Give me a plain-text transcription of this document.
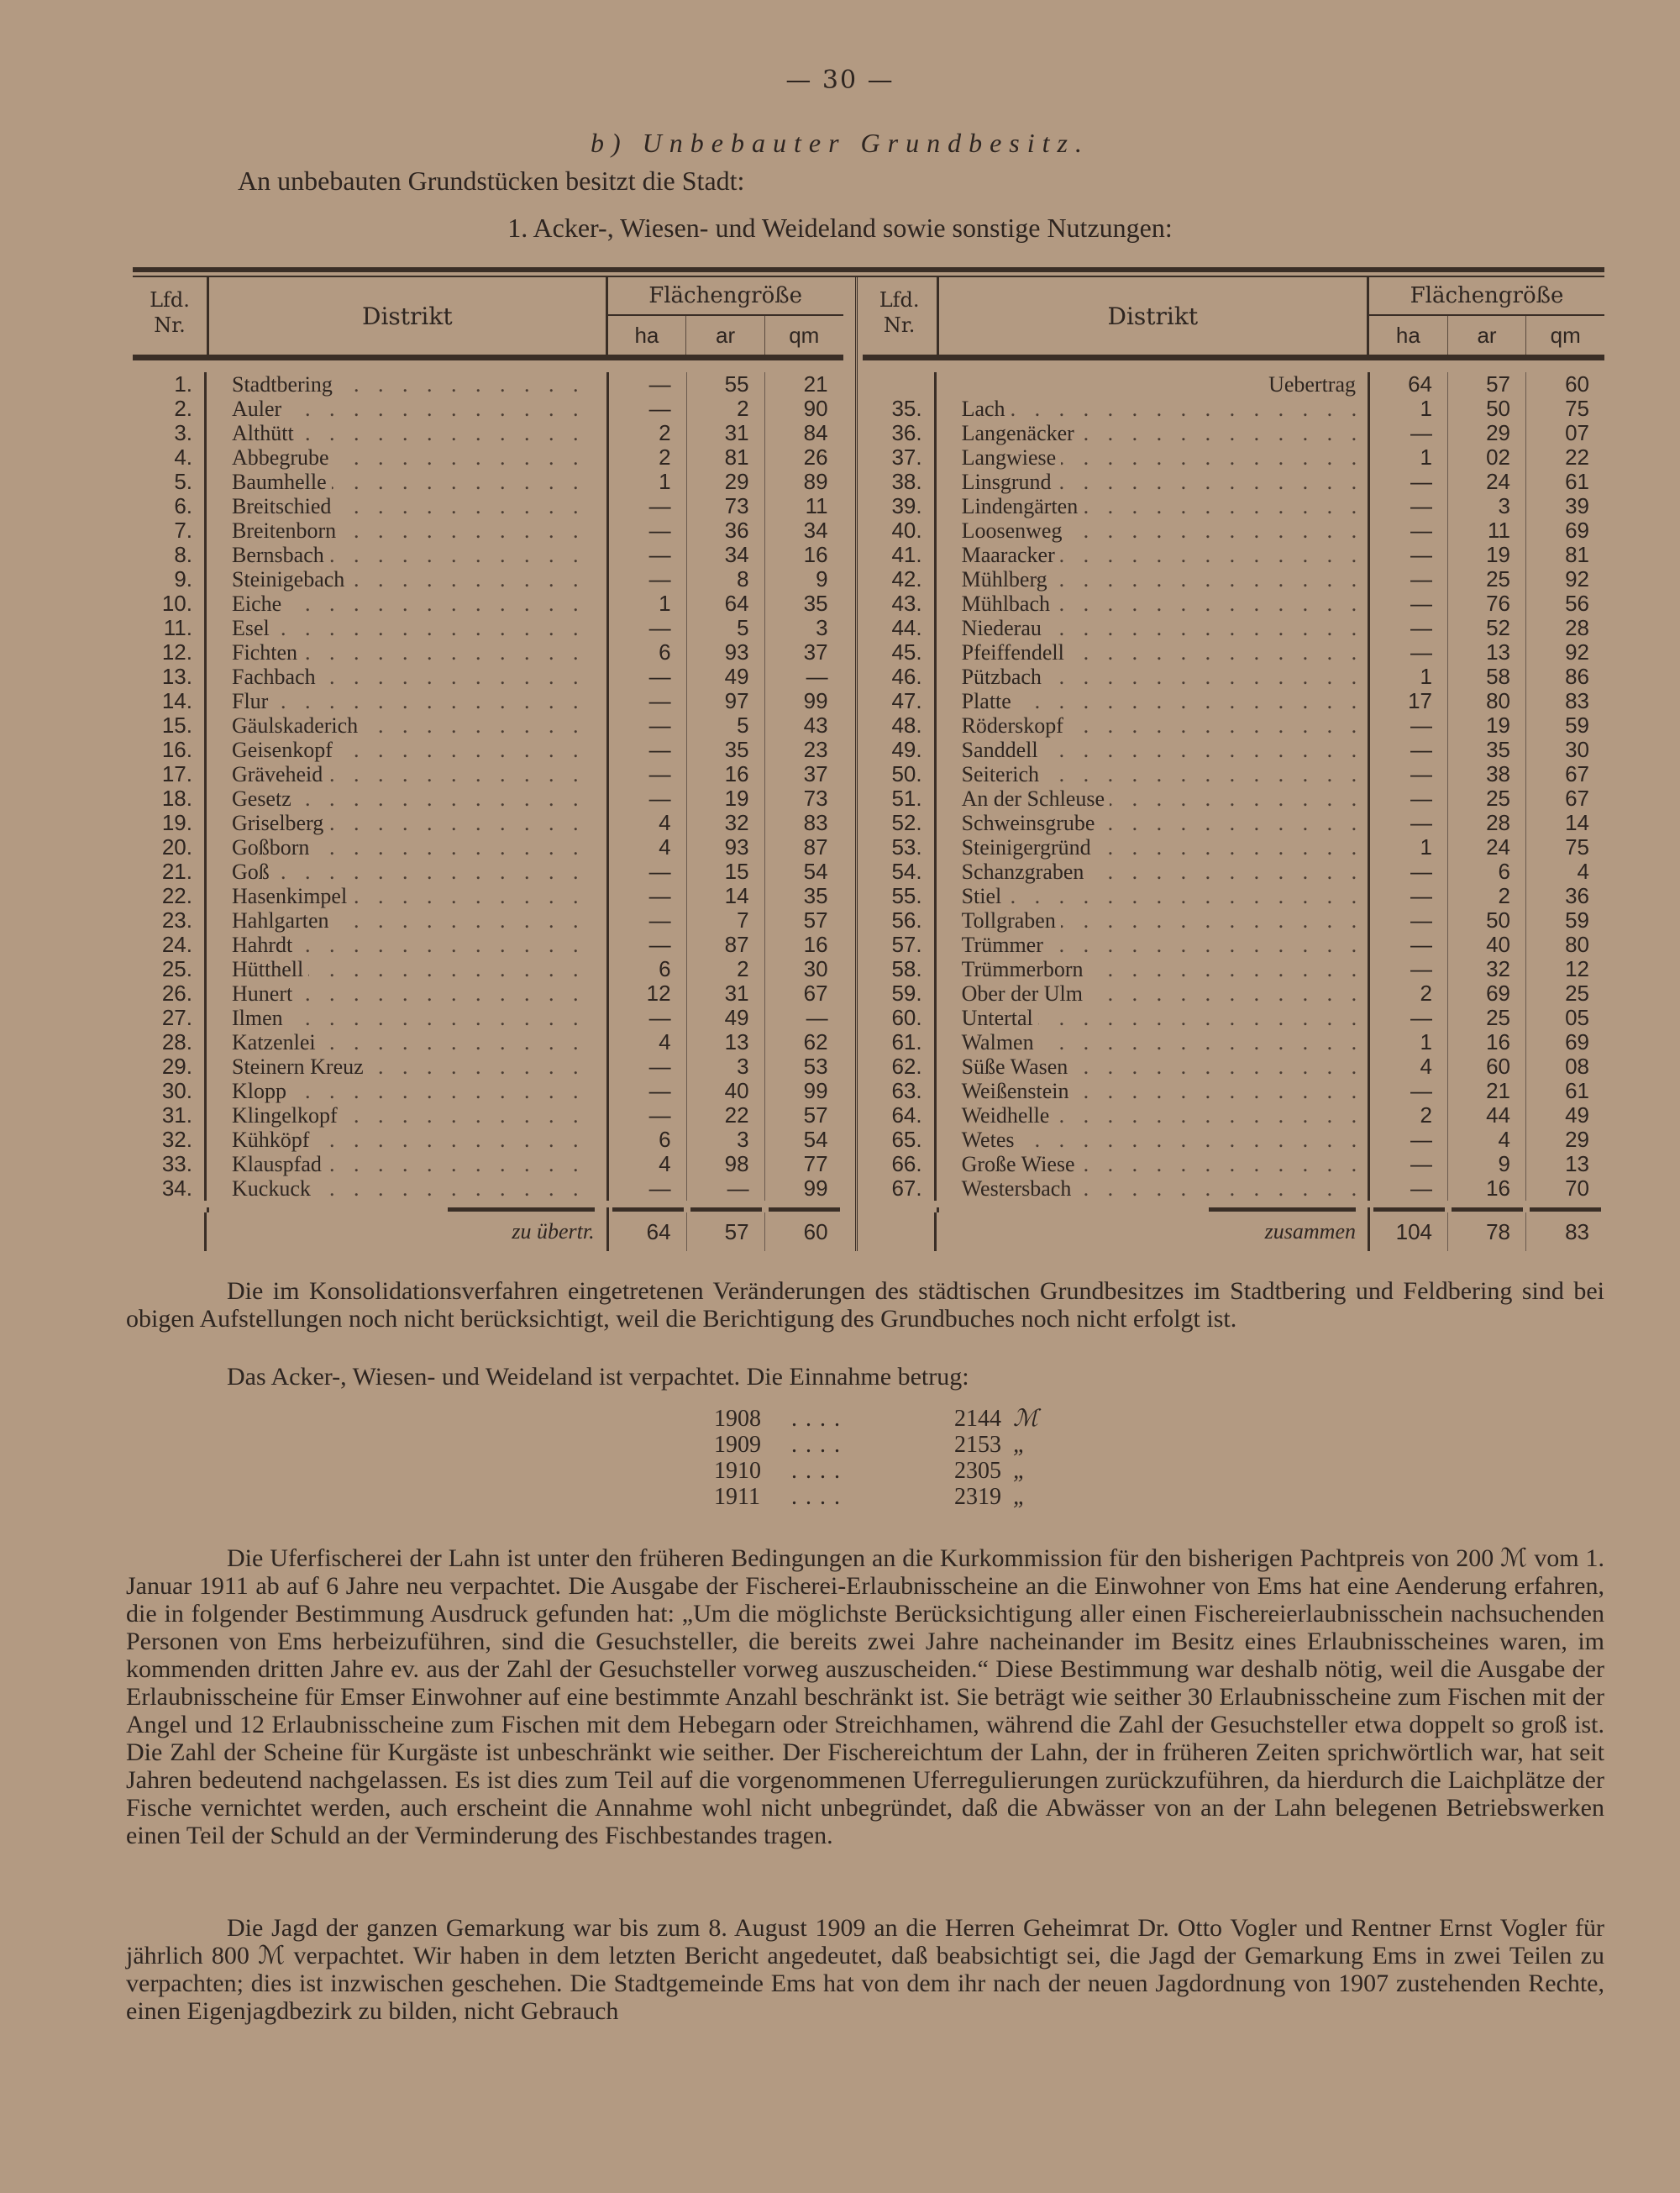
— 30 —
b) Unbebauter Grundbesitz.
An unbebauten Grundstücken besitzt die Stadt:
1. Acker-, Wiesen- und Weideland sowie sonstige Nutzungen:
Lfd. Nr.	Distrikt
Flächengröße
ha	ar	qm
1.	Stadtbering . . .	—	55	21
2.	Auler . . .	—	2	90
3.	Althütt . . .	2	31	84
4.	Abbegrube . . .	2	81	26
5.	Baumhelle . . .	1	29	89
6.	Breitschied . . .	—	73	11
7.	Breitenborn . . .	—	36	34
8.	Bernsbach . . .	—	34	16
9.	Steinigebach . . .	—	8	9
10.	Eiche . . .	1	64	35
11.	Esel . . .	—	5	3
12.	Fichten . . .	6	93	37
13.	Fachbach . . .	—	49	—
14.	Flur . . .	—	97	99
15.	Gäulskaderich . . .	—	5	43
16.	Geisenkopf . . .	—	35	23
17.	Gräveheid . . .	—	16	37
18.	Gesetz . . .	—	19	73
19.	Griselberg . . .	4	32	83
20.	Goßborn . . .	4	93	87
21.	Goß . . .	—	15	54
22.	Hasenkimpel . . .	—	14	35
23.	Hahlgarten . . .	—	7	57
24.	Hahrdt . . .	—	87	16
25.	Hütthell . . .	6	2	30
26.	Hunert . . .	12	31	67
27.	Ilmen . . .	—	49	—
28.	Katzenlei . . .	4	13	62
29.	Steinern Kreuz . . .	—	3	53
30.	Klopp . . .	—	40	99
31.	Klingelkopf . . .	—	22	57
32.	Kühköpf . . .	6	3	54
33.	Klauspfad . . .	4	98	77
34.	Kuckuck . . .	—	—	99
zu übertr.	64	57	60
Lfd. Nr.	Distrikt
Flächengröße
ha	ar	qm
Uebertrag	64	57	60
35.	Lach . . .	1	50	75
36.	Langenäcker . . .	—	29	07
37.	Langwiese . . .	1	02	22
38.	Linsgrund . . .	—	24	61
39.	Lindengärten . . .	—	3	39
40.	Loosenweg . . .	—	11	69
41.	Maaracker . . .	—	19	81
42.	Mühlberg . . .	—	25	92
43.	Mühlbach . . .	—	76	56
44.	Niederau . . .	—	52	28
45.	Pfeiffendell . . .	—	13	92
46.	Pützbach . . .	1	58	86
47.	Platte . . .	17	80	83
48.	Röderskopf . . .	—	19	59
49.	Sanddell . . .	—	35	30
50.	Seiterich . . .	—	38	67
51.	An der Schleuse . . .	—	25	67
52.	Schweinsgrube . . .	—	28	14
53.	Steinigergründ . . .	1	24	75
54.	Schanzgraben . . .	—	6	4
55.	Stiel . . .	—	2	36
56.	Tollgraben . . .	—	50	59
57.	Trümmer . . .	—	40	80
58.	Trümmerborn . . .	—	32	12
59.	Ober der Ulm . . .	2	69	25
60.	Untertal . . .	—	25	05
61.	Walmen . . .	1	16	69
62.	Süße Wasen . . .	4	60	08
63.	Weißenstein . . .	—	21	61
64.	Weidhelle . . .	2	44	49
65.	Wetes . . .	—	4	29
66.	Große Wiese . . .	—	9	13
67.	Westersbach . . .	—	16	70
zusammen	104	78	83

Die im Konsolidationsverfahren eingetretenen Veränderungen des städtischen Grundbesitzes im Stadtbering und Feldbering sind bei obigen Aufstellungen noch nicht berücksichtigt, weil die Berichtigung des Grundbuches noch nicht erfolgt ist.

Das Acker-, Wiesen- und Weideland ist verpachtet. Die Einnahme betrug:

1908	....	2144 ℳ
1909	....	2153 „
1910	....	2305 „
1911	....	2319 „

Die Uferfischerei der Lahn ist unter den früheren Bedingungen an die Kurkommission für den bisherigen Pachtpreis von 200 ℳ vom 1. Januar 1911 ab auf 6 Jahre neu verpachtet. Die Ausgabe der Fischerei-Erlaubnisscheine an die Einwohner von Ems hat eine Aenderung erfahren, die in folgender Bestimmung Ausdruck gefunden hat: „Um die möglichste Berücksichtigung aller einen Fischereierlaubnisschein nachsuchenden Personen von Ems herbeizuführen, sind die Gesuchsteller, die bereits zwei Jahre nacheinander im Besitz eines Erlaubnisscheines waren, im kommenden dritten Jahre ev. aus der Zahl der Gesuchsteller vorweg auszuscheiden.“ Diese Bestimmung war deshalb nötig, weil die Ausgabe der Erlaubnisscheine für Emser Einwohner auf eine bestimmte Anzahl beschränkt ist. Sie beträgt wie seither 30 Erlaubnisscheine zum Fischen mit der Angel und 12 Erlaubnisscheine zum Fischen mit dem Hebegarn oder Streichhamen, während die Zahl der Gesuchsteller etwa doppelt so groß ist. Die Zahl der Scheine für Kurgäste ist unbeschränkt wie seither. Der Fischereichtum der Lahn, der in früheren Zeiten sprichwörtlich war, hat seit Jahren bedeutend nachgelassen. Es ist dies zum Teil auf die vorgenommenen Uferregulierungen zurückzuführen, da hierdurch die Laichplätze der Fische vernichtet werden, auch erscheint die Annahme wohl nicht unbegründet, daß die Abwässer von an der Lahn belegenen Betriebswerken einen Teil der Schuld an der Verminderung des Fischbestandes tragen.

Die Jagd der ganzen Gemarkung war bis zum 8. August 1909 an die Herren Geheimrat Dr. Otto Vogler und Rentner Ernst Vogler für jährlich 800 ℳ verpachtet. Wir haben in dem letzten Bericht angedeutet, daß beabsichtigt sei, die Jagd der Gemarkung Ems in zwei Teilen zu verpachten; dies ist inzwischen geschehen. Die Stadtgemeinde Ems hat von dem ihr nach der neuen Jagdordnung von 1907 zustehenden Rechte, einen Eigenjagdbezirk zu bilden, nicht Gebrauch
